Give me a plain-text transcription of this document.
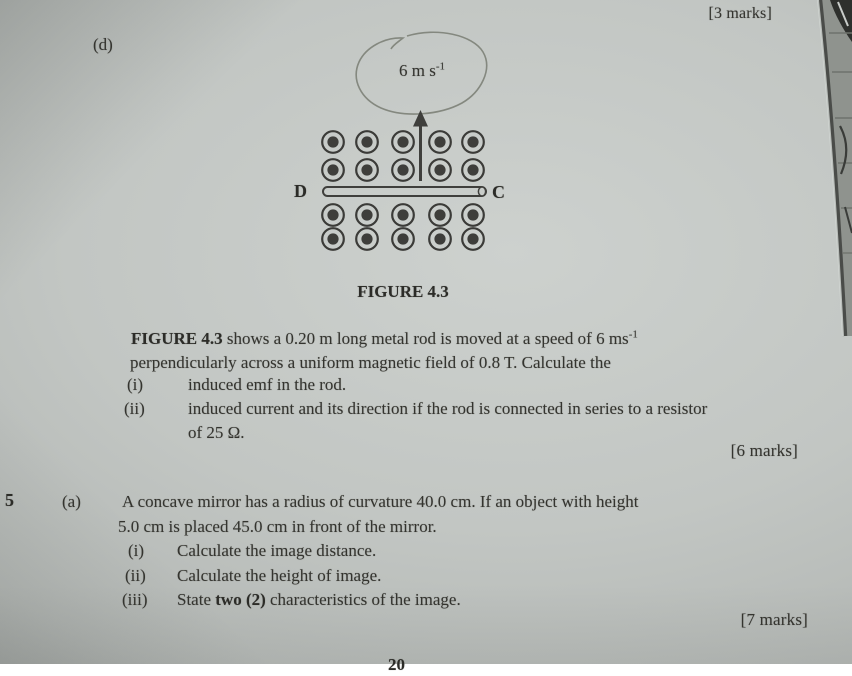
[3 marks]
(d)
6 m $s^{-1}$
D	C
FIGURE 4.3
FIGURE 4.3 shows a 0.20 m long metal rod is moved at a speed of 6 $ms^{-1}$
perpendicularly across a uniform magnetic field of 0.8 T. Calculate the
(i)	induced emf in the rod.
(ii)	induced current and its direction if the rod is connected in series to a resistor
of 25 Ω.
[6 marks]
5	(a) A concave mirror has a radius of curvature 40.0 cm. If an object with height
5.0 cm is placed 45.0 cm in front of the mirror.
(i) Calculate the image distance.
(ii) Calculate the height of image.
(iii) State two (2) characteristics of the image.
[7 marks]
20
